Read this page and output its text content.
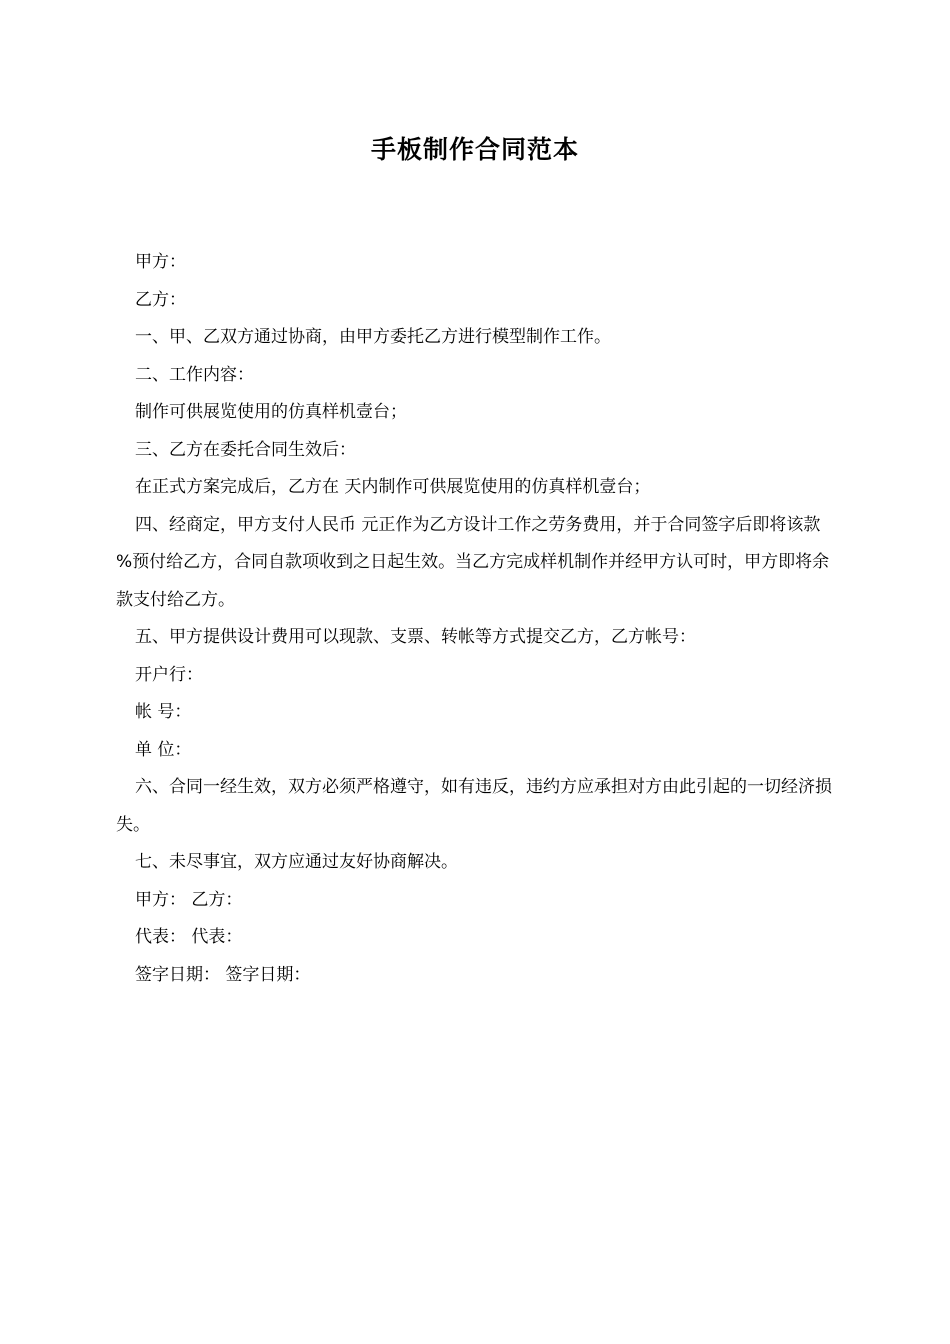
手板制作合同范本

甲方：

乙方：

一、甲、乙双方通过协商，由甲方委托乙方进行模型制作工作。

二、工作内容：

制作可供展览使用的仿真样机壹台；

三、乙方在委托合同生效后：

在正式方案完成后，乙方在 天内制作可供展览使用的仿真样机壹台；

四、经商定，甲方支付人民币 元正作为乙方设计工作之劳务费用，并于合同签字后即将该款 %预付给乙方，合同自款项收到之日起生效。当乙方完成样机制作并经甲方认可时，甲方即将余款支付给乙方。

五、甲方提供设计费用可以现款、支票、转帐等方式提交乙方，乙方帐号：

开户行：

帐 号：

单 位：

六、合同一经生效，双方必须严格遵守，如有违反，违约方应承担对方由此引起的一切经济损失。

七、未尽事宜，双方应通过友好协商解决。

甲方： 乙方：

代表： 代表：

签字日期： 签字日期：
